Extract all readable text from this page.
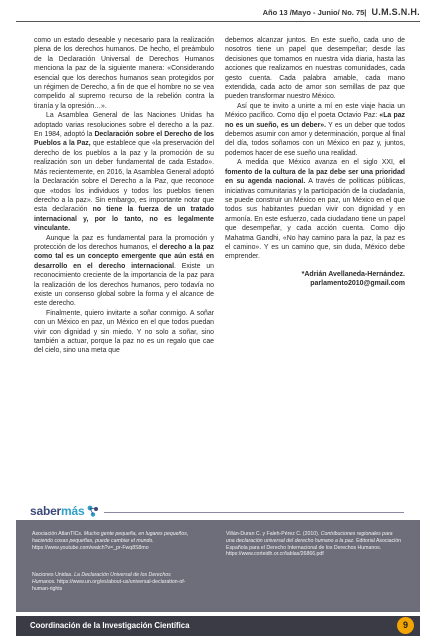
Año 13 /Mayo - Junio/ No. 75| U.M.S.N.H.

como un estado deseable y necesario para la realización plena de los derechos humanos. De hecho, el preámbulo de la Declaración Universal de Derechos Humanos menciona la paz de la siguiente manera: «Considerando esencial que los derechos humanos sean protegidos por un régimen de Derecho, a fin de que el hombre no se vea compelido al supremo recurso de la rebelión contra la tiranía y la opresión…».

La Asamblea General de las Naciones Unidas ha adoptado varias resoluciones sobre el derecho a la paz. En 1984, adoptó la Declaración sobre el Derecho de los Pueblos a la Paz, que establece que «la preservación del derecho de los pueblos a la paz y la promoción de su realización son un deber fundamental de cada Estado». Más recientemente, en 2016, la Asamblea General adoptó la Declaración sobre el Derecho a la Paz, que reconoce que «todos los individuos y todos los pueblos tienen derecho a la paz». Sin embargo, es importante notar que esta declaración no tiene la fuerza de un tratado internacional y, por lo tanto, no es legalmente vinculante.

Aunque la paz es fundamental para la promoción y protección de los derechos humanos, el derecho a la paz como tal es un concepto emergente que aún está en desarrollo en el derecho internacional. Existe un reconocimiento creciente de la importancia de la paz para la realización de los derechos humanos, pero todavía no existe un consenso global sobre la forma y el alcance de este derecho.

Finalmente, quiero invitarte a soñar conmigo. A soñar con un México en paz, un México en el que todos puedan vivir con dignidad y sin miedo. Y no solo a soñar, sino también a actuar, porque la paz no es un regalo que cae del cielo, sino una meta que

debemos alcanzar juntos. En este sueño, cada uno de nosotros tiene un papel que desempeñar; desde las decisiones que tomamos en nuestra vida diaria, hasta las acciones que realizamos en nuestras comunidades, cada gesto cuenta. Cada palabra amable, cada mano extendida, cada acto de amor son semillas de paz que pueden transformar nuestro México.

Así que te invito a unirte a mí en este viaje hacia un México pacífico. Como dijo el poeta Octavio Paz: «La paz no es un sueño, es un deber». Y es un deber que todos debemos asumir con amor y determinación, porque al final del día, todos soñamos con un México en paz y, juntos, podemos hacer de ese sueño una realidad.

A medida que México avanza en el siglo XXI, el fomento de la cultura de la paz debe ser una prioridad en su agenda nacional. A través de políticas públicas, iniciativas comunitarias y la participación de la ciudadanía, se puede construir un México en paz, un México en el que todos sus habitantes puedan vivir con dignidad y en armonía. En este esfuerzo, cada ciudadano tiene un papel que desempeñar, y cada acción cuenta. Como dijo Mahatma Gandhi, «No hay camino para la paz, la paz es el camino». Y es un camino que, sin duda, México debe emprender.

*Adrián Avellaneda-Hernández.
parlamento2010@gmail.com
sabermás
Asociación AtlanTICs. Mucho gente pequeña, en lugares pequeños, haciendo cosas pequeñas, puede cambiar el mundo. https://www.youtube.com/watch?v=_pr-Fwq8S8mo
Naciones Unidas. La Declaración Universal de los Derechos Humanos. https://www.un.org/es/about-us/universal-declaration-of-human-rights
Villán-Duran C. y Faleh-Pérez C. (2010). Contribuciones regionales para una declaración universal del derecho humano a la paz. Editorial Asociación Española para el Derecho Internacional de los Derechos Humanos. https://www.corteidh.or.cr/tablas/26866.pdf
Coordinación de la Investigación Científica	9
